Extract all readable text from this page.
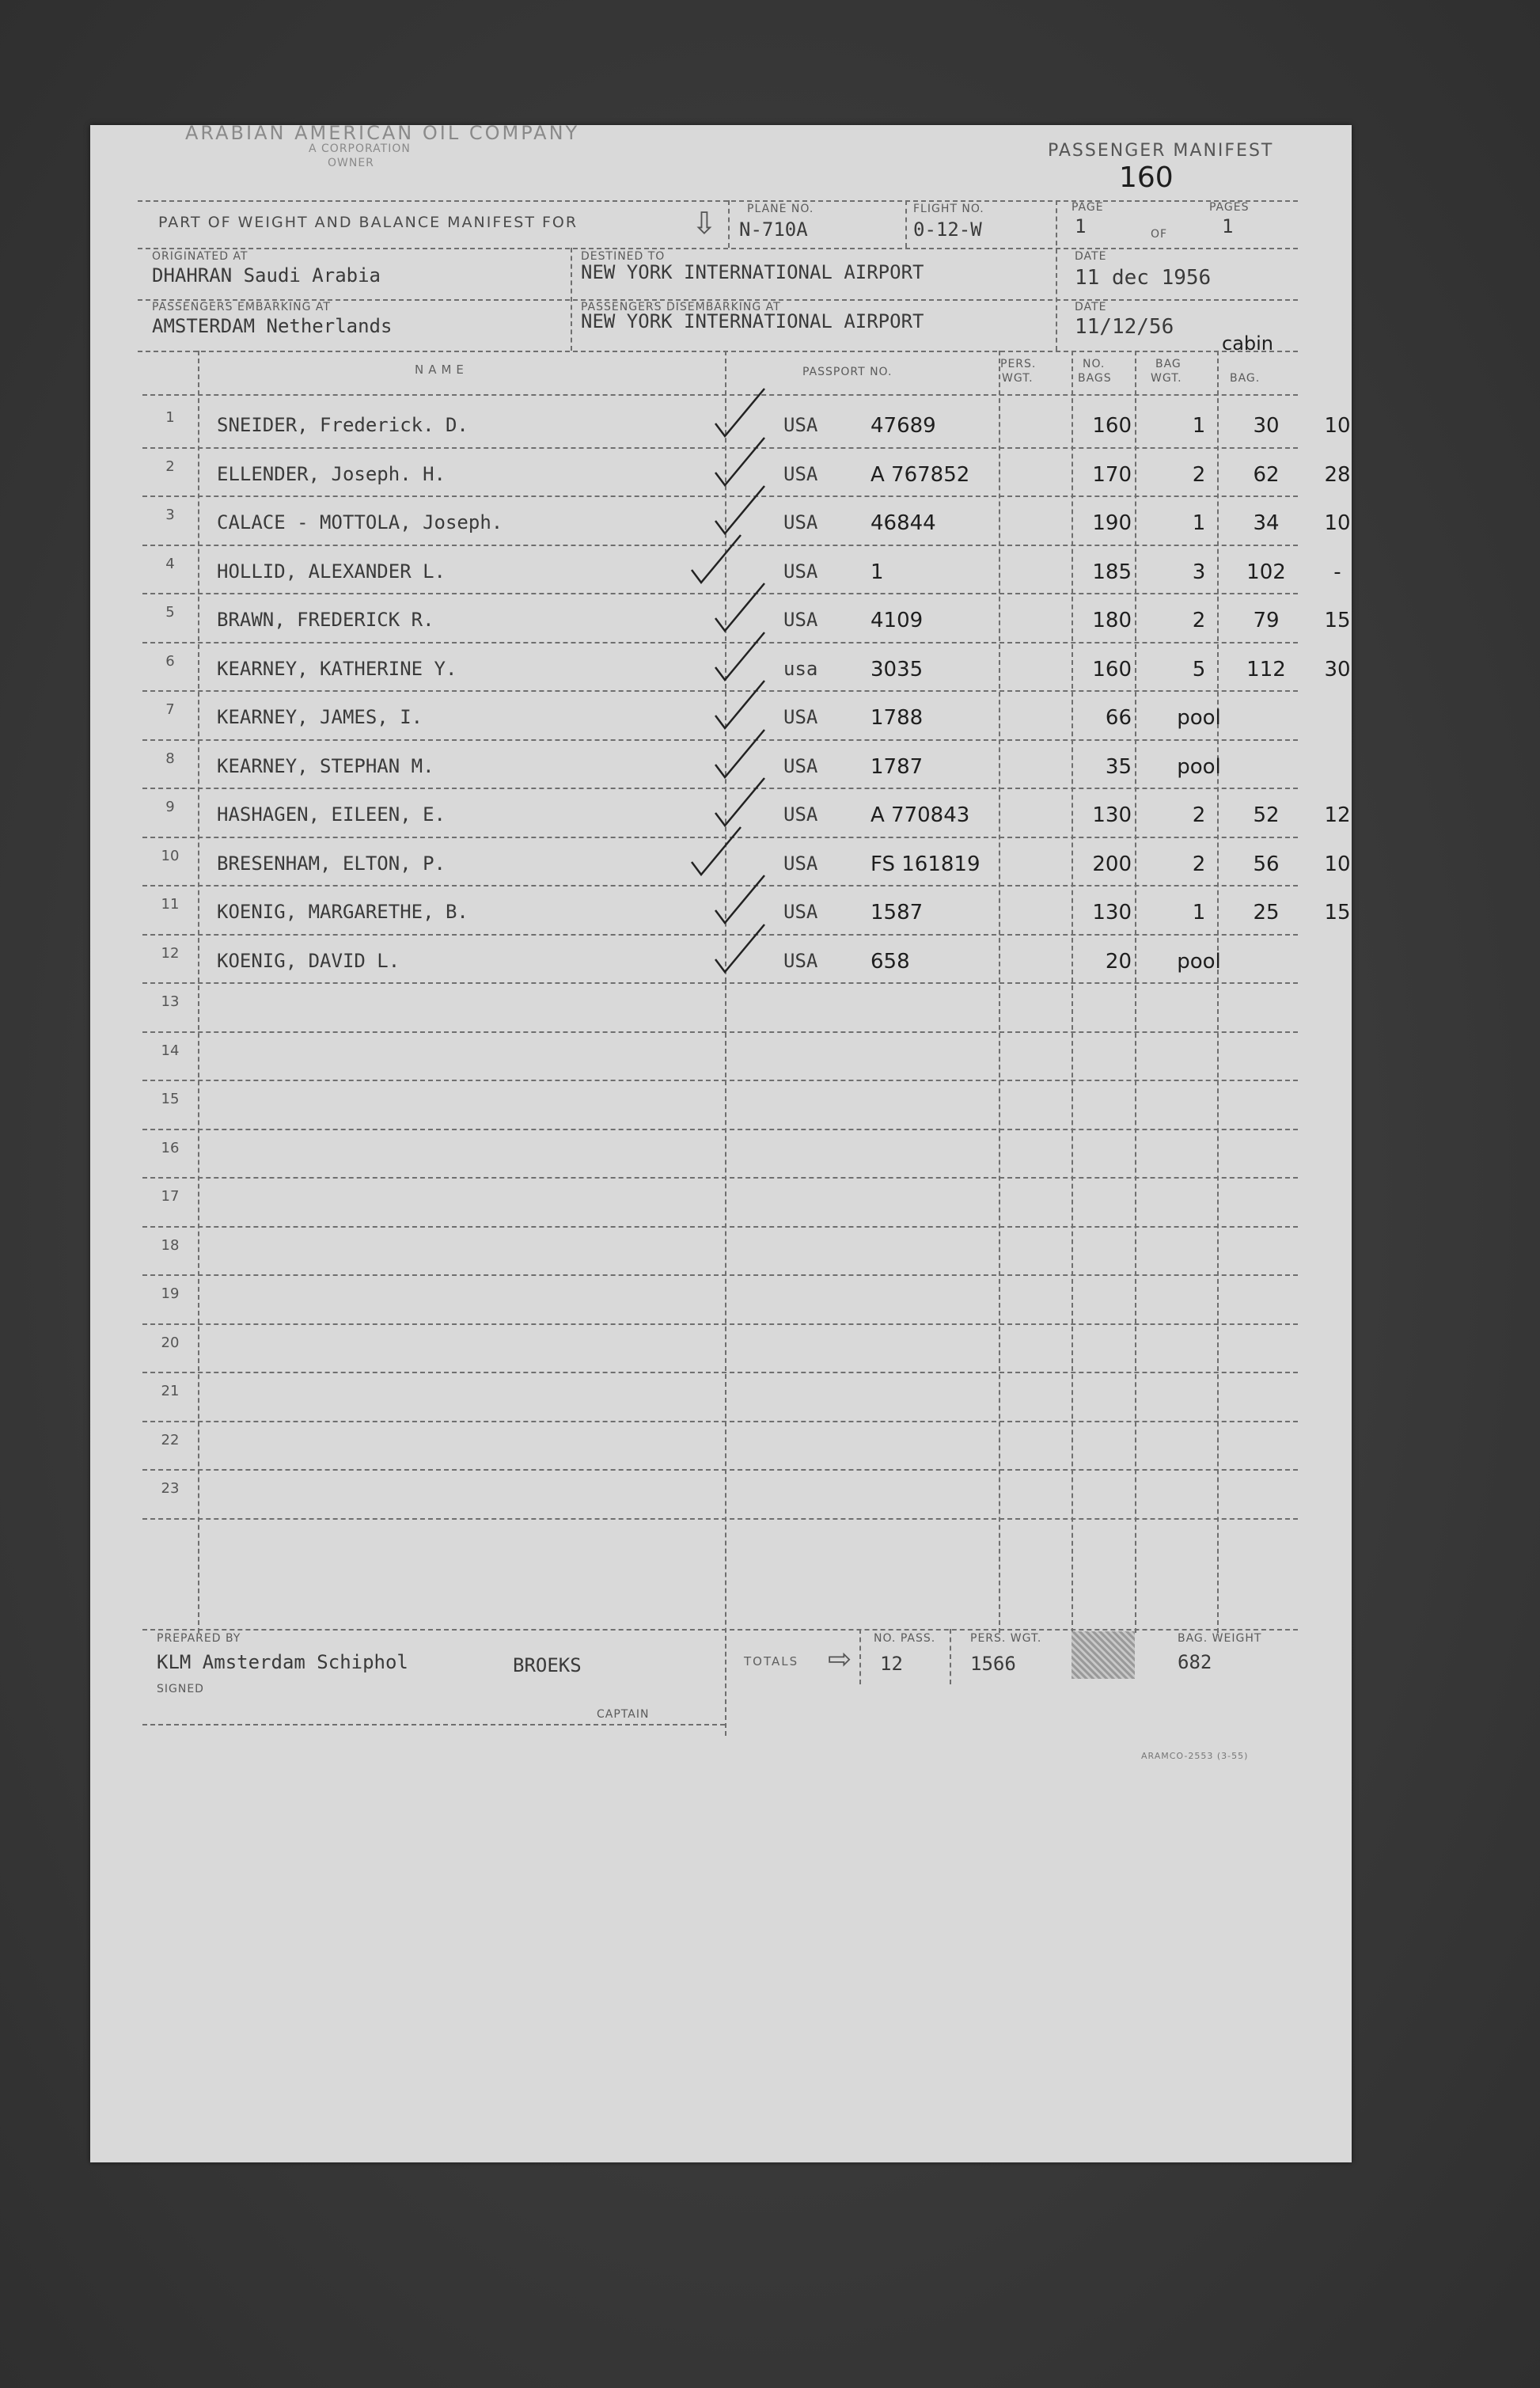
ARABIAN AMERICAN OIL COMPANY
A CORPORATION
OWNER
PASSENGER MANIFEST
160
PART OF WEIGHT AND BALANCE MANIFEST FOR	⇩	PLANE NO.
N-710A
FLIGHT NO.
0-12-W
PAGE
1	OF
PAGES
1
ORIGINATED AT
DHAHRAN Saudi Arabia
DESTINED TO
NEW YORK INTERNATIONAL AIRPORT
DATE
11 dec 1956
PASSENGERS EMBARKING AT
AMSTERDAM Netherlands
PASSENGERS DISEMBARKING AT
NEW YORK INTERNATIONAL AIRPORT
DATE
11/12/56
NAME	PASSPORT NO.
PERS.
WGT.
NO.
BAGS
BAG
WGT.
cabin
BAG.
1	SNEIDER, Frederick. D.	USA	47689	160	1	30	10
2	ELLENDER, Joseph. H.	USA	A 767852	170	2	62	28
3	CALACE - MOTTOLA, Joseph.	USA	46844	190	1	34	10
4	HOLLID, ALEXANDER L.	USA	1	185	3	102	-
5	BRAWN, FREDERICK R.	USA	4109	180	2	79	15
6	KEARNEY, KATHERINE Y.	usa	3035	160	5	112	30
7	KEARNEY, JAMES, I.	USA	1788	66 pool
8	KEARNEY, STEPHAN M.	USA	1787	35 pool
9	HASHAGEN, EILEEN, E.	USA	A 770843	130	2	52	12
10	BRESENHAM, ELTON, P.	USA	FS 161819	200	2	56	10
11	KOENIG, MARGARETHE, B.	USA	1587	130	1	25	15
12	KOENIG, DAVID L.	USA	658	20 pool
13
14
15
16
17
18
19
20
21
22
23
PREPARED BY
KLM Amsterdam Schiphol	BROEKS
SIGNED
CAPTAIN
TOTALS ⇨
NO. PASS.
12
PERS. WGT.
1566
BAG. WEIGHT
682
ARAMCO-2553 (3-55)
